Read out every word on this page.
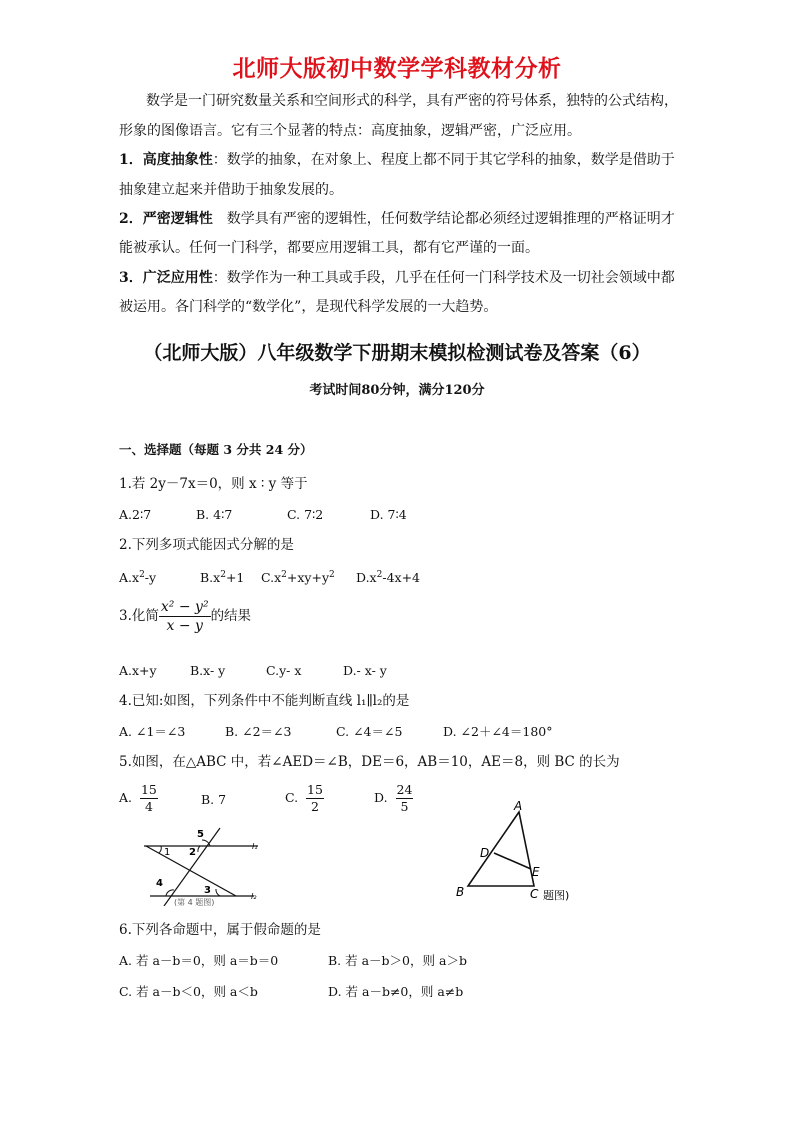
北师大版初中数学学科教材分析
数学是一门研究数量关系和空间形式的科学，具有严密的符号体系，独特的公式结构，
形象的图像语言。它有三个显著的特点：高度抽象，逻辑严密，广泛应用。
1．高度抽象性：数学的抽象，在对象上、程度上都不同于其它学科的抽象，数学是借助于
抽象建立起来并借助于抽象发展的。
2．严密逻辑性　数学具有严密的逻辑性，任何数学结论都必须经过逻辑推理的严格证明才
能被承认。任何一门科学，都要应用逻辑工具，都有它严谨的一面。
3．广泛应用性：数学作为一种工具或手段，几乎在任何一门科学技术及一切社会领域中都
被运用。各门科学的“数学化”，是现代科学发展的一大趋势。
（北师大版）八年级数学下册期末模拟检测试卷及答案（6）
考试时间80分钟，满分120分
一、选择题（每题 3 分共 24 分）
1.若 2y－7x＝0，则 x ∶ y 等于
A.2∶7	B. 4∶7	C. 7∶2	D. 7∶4
2.下列多项式能因式分解的是
$A.x^2-y$	$B.x^2+1$ $C.x^2+xy+y^2$ $D.x^2-4x+4$
3.化简 $\frac{\text{x² − y²}}{x - y}$ 的结果
A.x+y	B.x- y	C.y- x	D.- x- y
4.已知:如图，下列条件中不能判断直线 l₁∥l₂的是
A. ∠1＝∠3	B. ∠2＝∠3	C. ∠4＝∠5	D. ∠2＋∠4＝180°
5.如图，在△ABC 中，若∠AED＝∠B，DE＝6，AB＝10，AE＝8，则 BC 的长为
A. $\frac{15}{4}$	B. 7	C. $\frac{15}{2}$	D. $\frac{24}{5}$
1 2
3
4
5
l₁
l₂
(第 4 题图)
A
B	C
D
E
题图)
6.下列各命题中，属于假命题的是
A. 若 a－b＝0，则 a＝b＝0	B. 若 a－b＞0，则 a＞b
C. 若 a－b＜0，则 a＜b	D. 若 a－b≠0，则 a≠b
